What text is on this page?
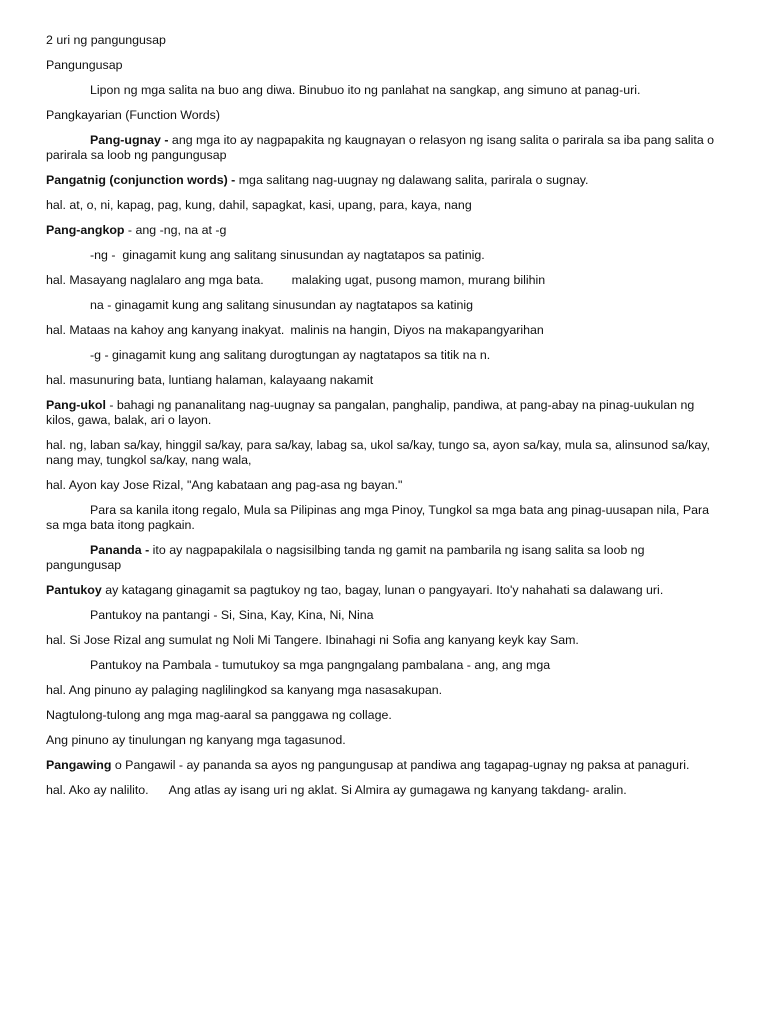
2 uri ng pangungusap

Pangungusap

Lipon ng mga salita na buo ang diwa. Binubuo ito ng panlahat na sangkap, ang simuno at panag-uri.

Pangkayarian (Function Words)

Pang-ugnay - ang mga ito ay nagpapakita ng kaugnayan o relasyon ng isang salita o parirala sa iba pang salita o parirala sa loob ng pangungusap

Pangatnig (conjunction words) - mga salitang nag-uugnay ng dalawang salita, parirala o sugnay.

hal. at, o, ni, kapag, pag, kung, dahil, sapagkat, kasi, upang, para, kaya, nang

Pang-angkop - ang -ng, na at -g

-ng -  ginagamit kung ang salitang sinusundan ay nagtatapos sa patinig.

hal. Masayang naglalaro ang mga bata. malaking ugat, pusong mamon, murang bilihin

na - ginagamit kung ang salitang sinusundan ay nagtatapos sa katinig

hal. Mataas na kahoy ang kanyang inakyat. malinis na hangin, Diyos na makapangyarihan

-g - ginagamit kung ang salitang durogtungan ay nagtatapos sa titik na n.

hal. masunuring bata, luntiang halaman, kalayaang nakamit

Pang-ukol - bahagi ng pananalitang nag-uugnay sa pangalan, panghalip, pandiwa, at pang-abay na pinag-uukulan ng kilos, gawa, balak, ari o layon.

hal. ng, laban sa/kay, hinggil sa/kay, para sa/kay, labag sa, ukol sa/kay, tungo sa, ayon sa/kay, mula sa, alinsunod sa/kay, nang may, tungkol sa/kay, nang wala,

hal. Ayon kay Jose Rizal, "Ang kabataan ang pag-asa ng bayan."

Para sa kanila itong regalo, Mula sa Pilipinas ang mga Pinoy, Tungkol sa mga bata ang pinag-uusapan nila, Para sa mga bata itong pagkain.

Pananda - ito ay nagpapakilala o nagsisilbing tanda ng gamit na pambarila ng isang salita sa loob ng pangungusap

Pantukoy ay katagang ginagamit sa pagtukoy ng tao, bagay, lunan o pangyayari. Ito'y nahahati sa dalawang uri.

Pantukoy na pantangi - Si, Sina, Kay, Kina, Ni, Nina

hal. Si Jose Rizal ang sumulat ng Noli Mi Tangere. Ibinahagi ni Sofia ang kanyang keyk kay Sam.

Pantukoy na Pambala - tumutukoy sa mga pangngalang pambalana - ang, ang mga

hal. Ang pinuno ay palaging naglilingkod sa kanyang mga nasasakupan.

Nagtulong-tulong ang mga mag-aaral sa panggawa ng collage.

Ang pinuno ay tinulungan ng kanyang mga tagasunod.

Pangawing o Pangawil - ay pananda sa ayos ng pangungusap at pandiwa ang tagapag-ugnay ng paksa at panaguri.

hal. Ako ay nalilito. Ang atlas ay isang uri ng aklat. Si Almira ay gumagawa ng kanyang takdang- aralin.
